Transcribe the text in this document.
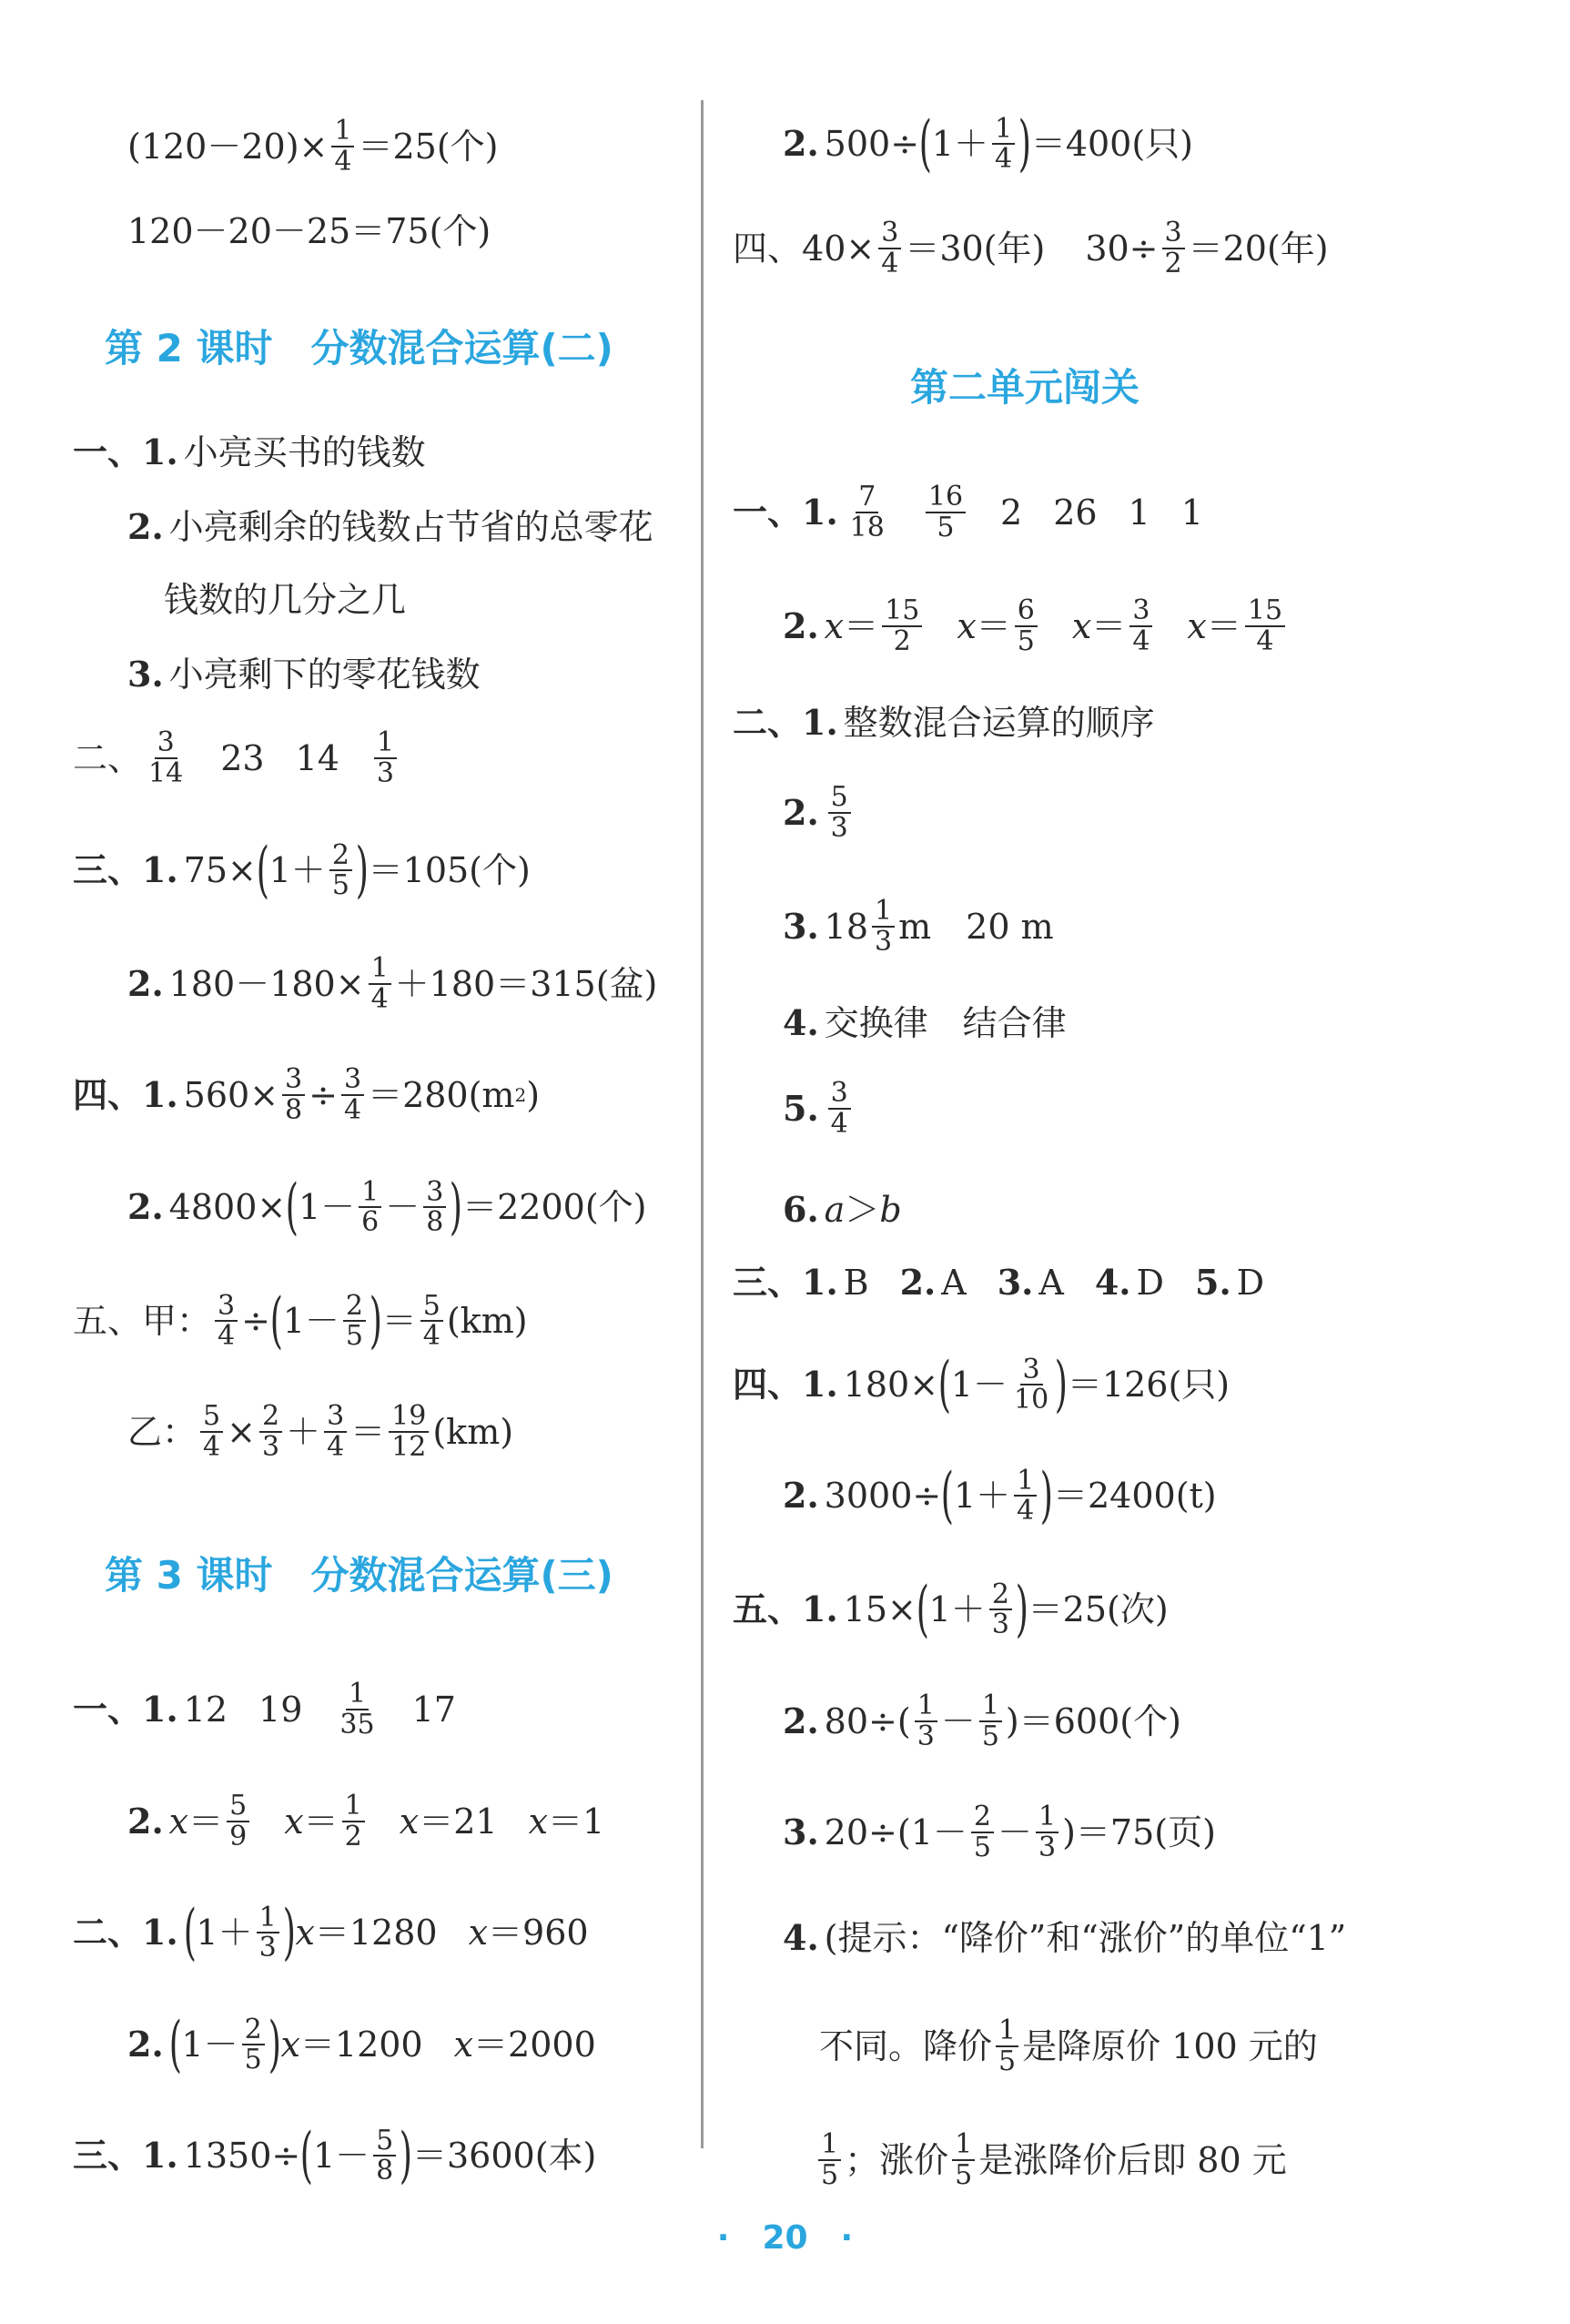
$(120-20)\times \frac{1}{4} =25$(个)
120－20－25＝75(个)
第 2 课时　分数混合运算(二)
一、1. 小亮买书的钱数
2. 小亮剩余的钱数占节省的总零花
钱数的几分之几
3. 小亮剩下的零花钱数
二、 $\frac{3}{14} 23$ $14 \frac{1}{3}$
三、1. 75× ( $1+ \frac{2}{5}$ ) ＝105(个)
2. $180-180\times \frac{1}{4} +180=315$(盆)
四、1. $560\times \frac{3}{8} \div \frac{3}{4} =280(m$ 2 )
2. 4800× ( $1- \frac{1}{6} - \frac{3}{8}$ ) ＝2200(个)
五、 甲： $\frac{3}{4}$ ÷ ( $1- \frac{2}{5}$ ) ＝ $\frac{5}{4} (km)$
乙： $\frac{5}{4} \times \frac{2}{3} + \frac{3}{4} = \frac{19}{12} (km)$
第 3 课时　分数混合运算(三)
一、1. 12 $19 \frac{1}{35} 17$
2. $x = \frac{5}{9}$ $x = \frac{1}{2}$ x ＝21 x ＝1
二、1. ( $1+ \frac{1}{3}$ ) x ＝1280 x ＝960
2. ( $1- \frac{2}{5}$ ) x ＝1200 x ＝2000
三、1. 1350÷ ( $1- \frac{5}{8}$ ) ＝3600(本)
2. 500÷ ( $1+ \frac{1}{4}$ ) ＝400(只)
四、 $40\times \frac{3}{4} =30$(年) $30\div \frac{3}{2} =20$(年)
第二单元闯关
一、1. $\frac{7}{18} \frac{16}{5} 2$ 26 1 1
2. $x = \frac{15}{2}$ $x = \frac{6}{5}$ $x = \frac{3}{4}$ $x = \frac{15}{4}$
二、1. 整数混合运算的顺序
2. $\frac{5}{3}$
3. $18 \frac{1}{3}$ m　20 m
4. 交换律　结合律
5. $\frac{3}{4}$
6. a ＞ b
三、1. B 2. A 3. A 4. D 5. D
四、1. 180× ( $1- \frac{3}{10}$ ) ＝126(只)
2. 3000÷ ( $1+ \frac{1}{4}$ ) ＝2400(t)
五、1. 15× ( $1+ \frac{2}{3}$ ) ＝25(次)
2. $80\div( \frac{1}{3} - \frac{1}{5} )=600$(个)
3. $20\div(1- \frac{2}{5} - \frac{1}{3} )=75$(页)
4. (提示：“降价”和“涨价”的单位“1”
不同。降价 $\frac{1}{5}$ 是降原价 100 元的
$\frac{1}{5}$ ；涨价 $\frac{1}{5}$ 是涨降价后即 80 元
·　20　·
